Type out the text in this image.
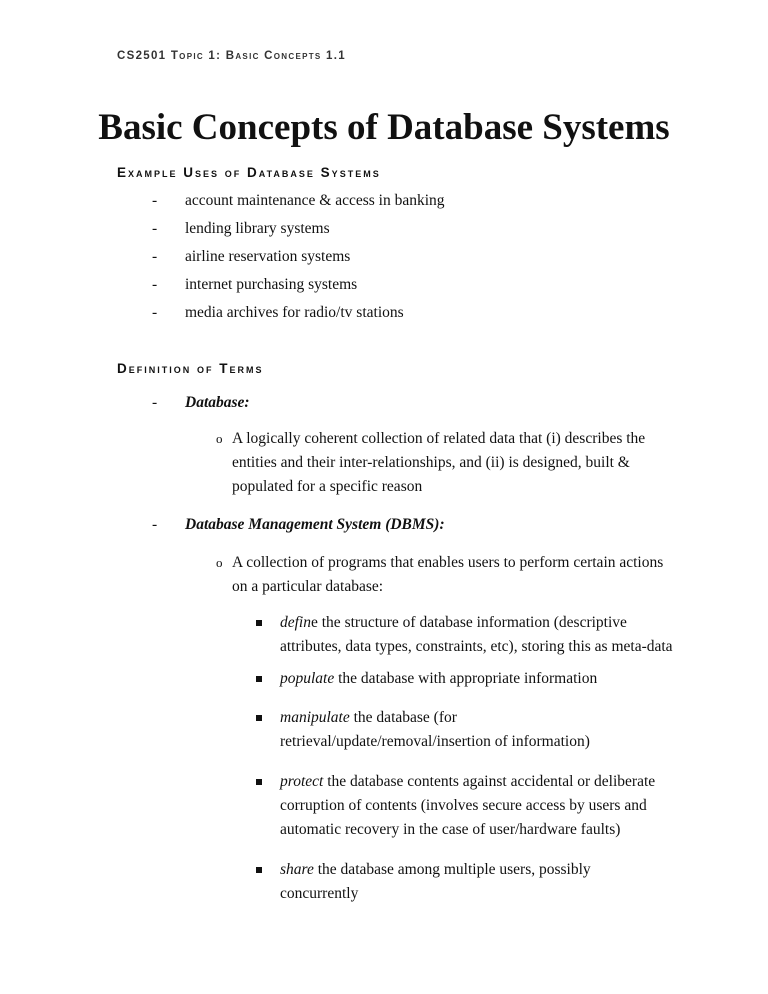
CS2501 Topic 1: Basic Concepts 1.1
Basic Concepts of Database Systems
Example Uses of Database Systems
- account maintenance & access in banking
- lending library systems
- airline reservation systems
- internet purchasing systems
- media archives for radio/tv stations
Definition of Terms
- Database:
o A logically coherent collection of related data that (i) describes the entities and their inter-relationships, and (ii) is designed, built & populated for a specific reason
- Database Management System (DBMS):
o A collection of programs that enables users to perform certain actions on a particular database:
define the structure of database information (descriptive attributes, data types, constraints, etc), storing this as meta-data
populate the database with appropriate information
manipulate the database (for retrieval/update/removal/insertion of information)
protect the database contents against accidental or deliberate corruption of contents (involves secure access by users and automatic recovery in the case of user/hardware faults)
share the database among multiple users, possibly concurrently
